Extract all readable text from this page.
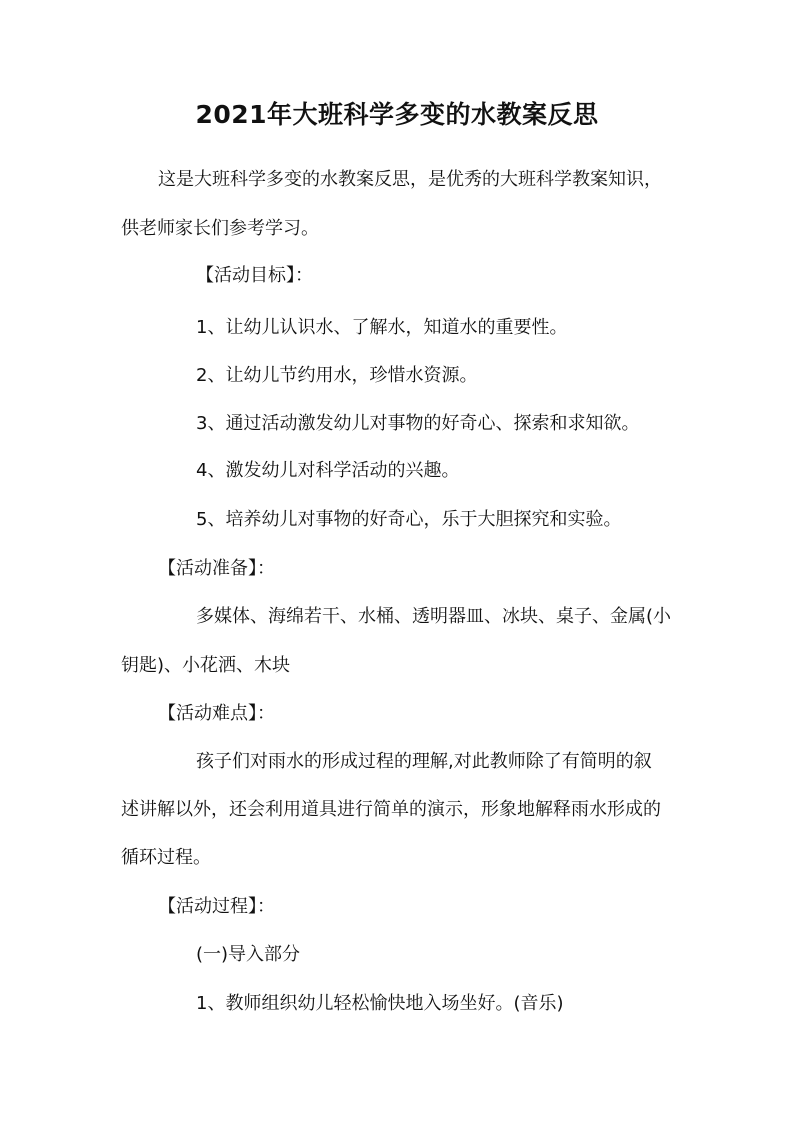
2021年大班科学多变的水教案反思
这是大班科学多变的水教案反思，是优秀的大班科学教案知识，
供老师家长们参考学习。
【活动目标】：
1、让幼儿认识水、了解水，知道水的重要性。
2、让幼儿节约用水，珍惜水资源。
3、通过活动激发幼儿对事物的好奇心、探索和求知欲。
4、激发幼儿对科学活动的兴趣。
5、培养幼儿对事物的好奇心，乐于大胆探究和实验。
【活动准备】：
多媒体、海绵若干、水桶、透明器皿、冰块、桌子、金属(小
钥匙)、小花洒、木块
【活动难点】：
孩子们对雨水的形成过程的理解,对此教师除了有简明的叙
述讲解以外，还会利用道具进行简单的演示，形象地解释雨水形成的
循环过程。
【活动过程】：
(一)导入部分
1、教师组织幼儿轻松愉快地入场坐好。(音乐)
